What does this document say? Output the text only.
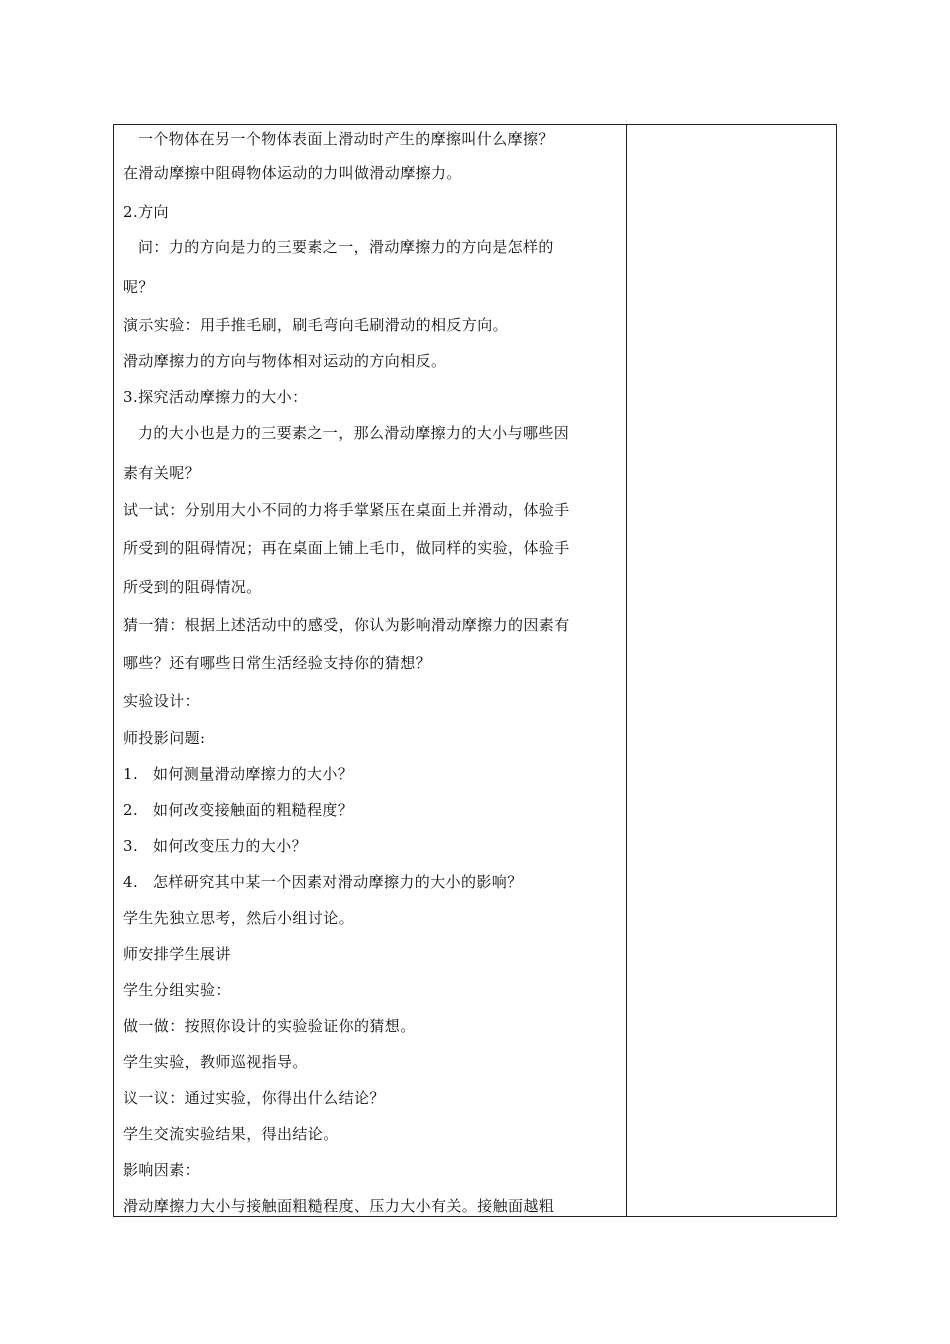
一个物体在另一个物体表面上滑动时产生的摩擦叫什么摩擦？
在滑动摩擦中阻碍物体运动的力叫做滑动摩擦力。
2.方向
问：力的方向是力的三要素之一，滑动摩擦力的方向是怎样的
呢？
演示实验：用手推毛刷，刷毛弯向毛刷滑动的相反方向。
滑动摩擦力的方向与物体相对运动的方向相反。
3.探究活动摩擦力的大小：
力的大小也是力的三要素之一，那么滑动摩擦力的大小与哪些因
素有关呢？
试一试：分别用大小不同的力将手掌紧压在桌面上并滑动，体验手
所受到的阻碍情况；再在桌面上铺上毛巾，做同样的实验，体验手
所受到的阻碍情况。
猜一猜：根据上述活动中的感受，你认为影响滑动摩擦力的因素有
哪些？还有哪些日常生活经验支持你的猜想？
实验设计：
师投影问题:
1. 如何测量滑动摩擦力的大小？
2. 如何改变接触面的粗糙程度？
3. 如何改变压力的大小？
4. 怎样研究其中某一个因素对滑动摩擦力的大小的影响？
学生先独立思考，然后小组讨论。
师安排学生展讲
学生分组实验：
做一做：按照你设计的实验验证你的猜想。
学生实验，教师巡视指导。
议一议：通过实验，你得出什么结论？
学生交流实验结果，得出结论。
影响因素：
滑动摩擦力大小与接触面粗糙程度、压力大小有关。接触面越粗
